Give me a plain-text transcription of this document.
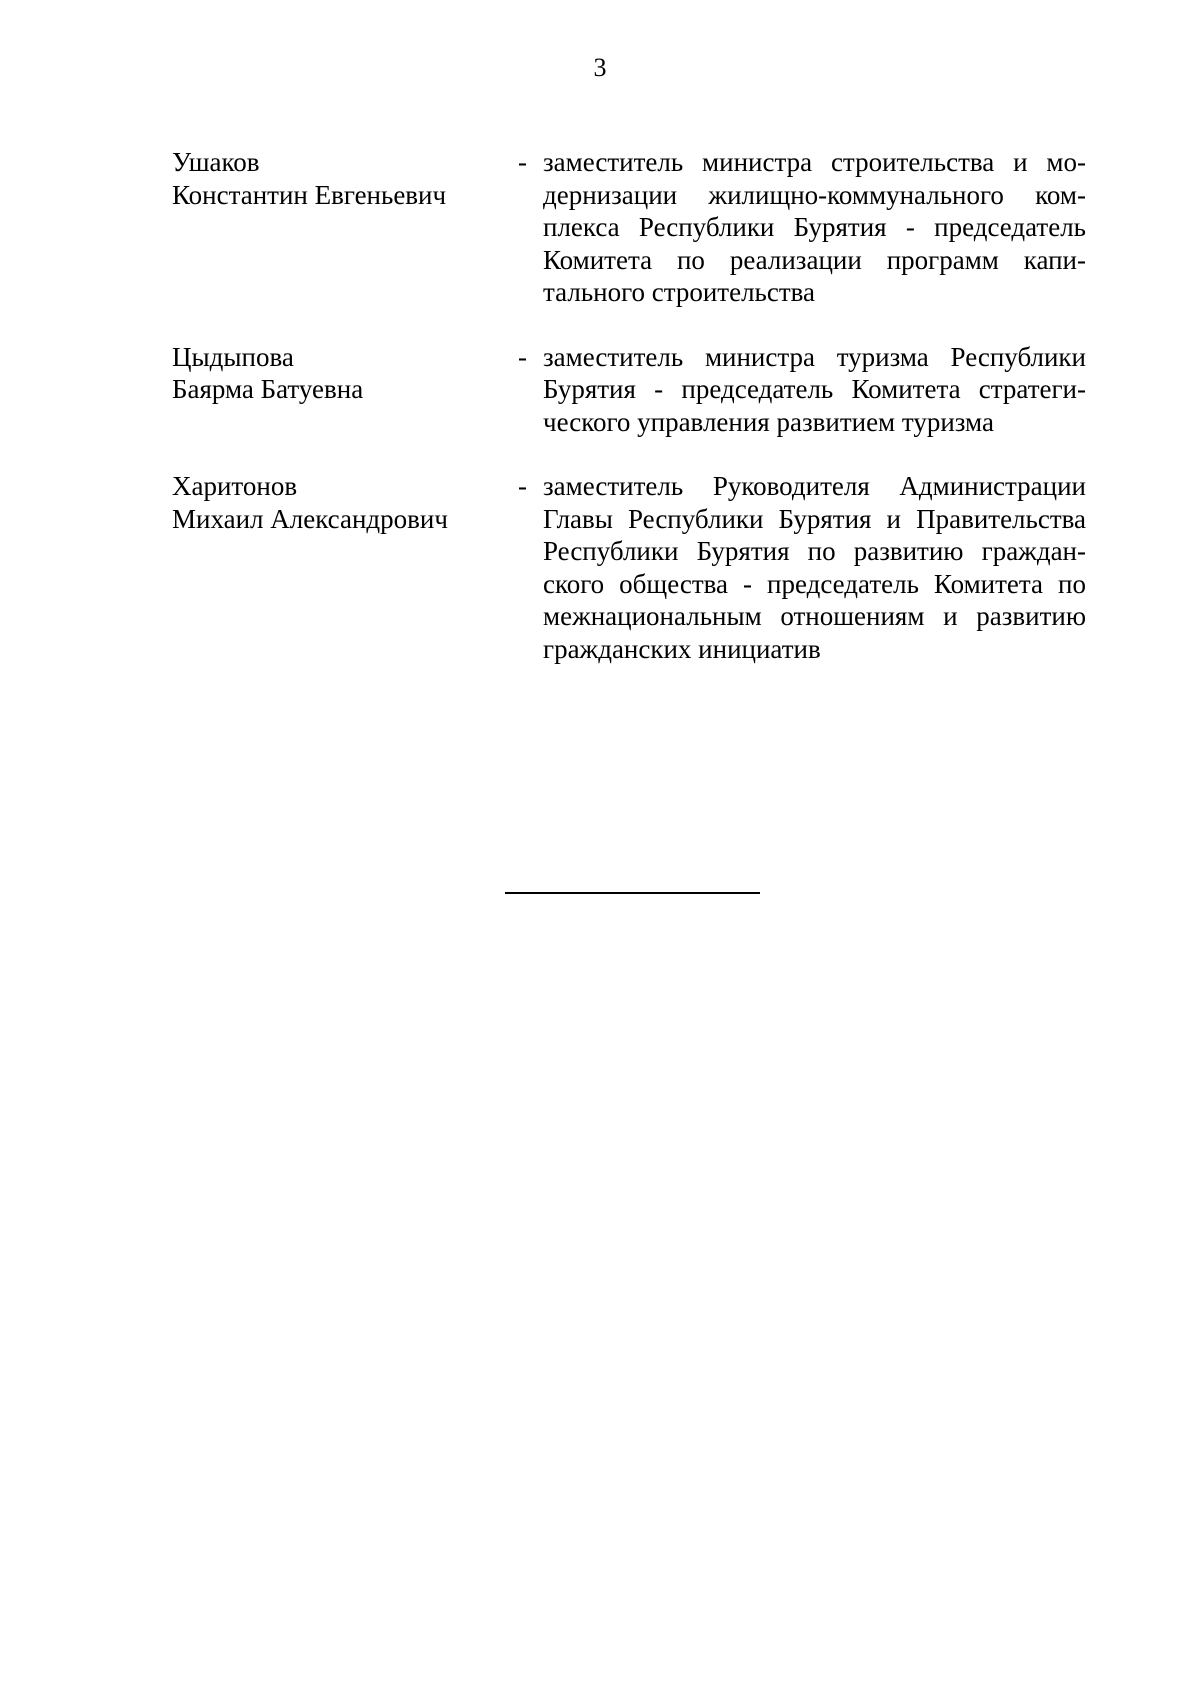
3
Ушаков
Константин Евгеньевич
- заместитель министра строительства и мо-
дернизации жилищно-коммунального ком-
плекса Республики Бурятия - председатель
Комитета по реализации программ капи-
тального строительства
Цыдыпова
Баярма Батуевна
- заместитель министра туризма Республики
Бурятия - председатель Комитета стратеги-
ческого управления развитием туризма
Харитонов
Михаил Александрович
- заместитель Руководителя Администрации
Главы Республики Бурятия и Правительства
Республики Бурятия по развитию граждан-
ского общества - председатель Комитета по
межнациональным отношениям и развитию
гражданских инициатив
